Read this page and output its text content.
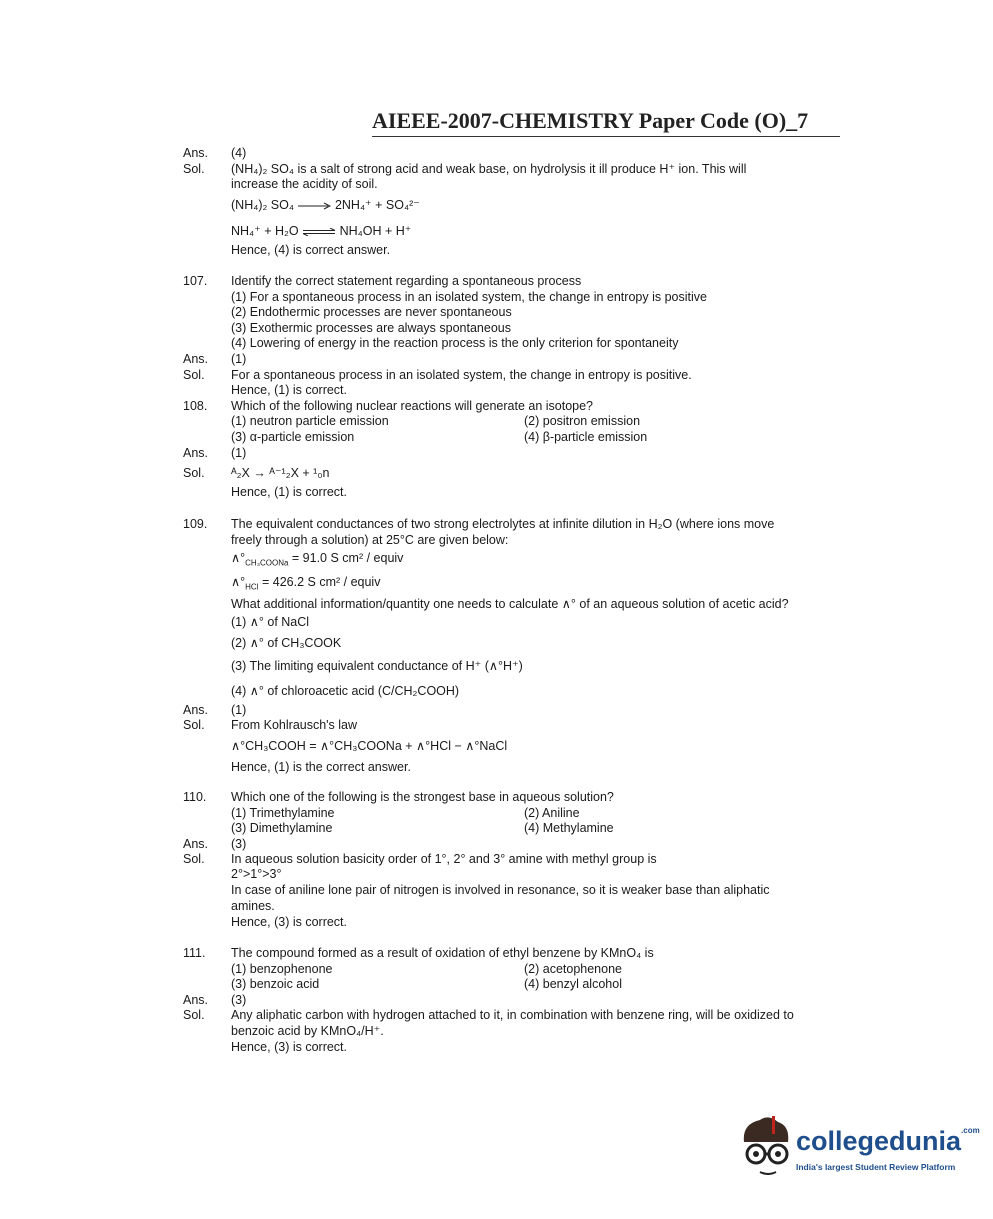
AIEEE-2007-CHEMISTRY Paper Code (O)_7
Ans. (4)
Sol. (NH₄)₂ SO₄ is a salt of strong acid and weak base, on hydrolysis it ill produce H⁺ ion. This will
increase the acidity of soil.
(NH₄)₂ SO₄ → 2NH₄⁺ + SO₄²⁻
NH₄⁺ + H₂O ⇌ NH₄OH + H⁺
Hence, (4) is correct answer.
107. Identify the correct statement regarding a spontaneous process
(1) For a spontaneous process in an isolated system, the change in entropy is positive
(2) Endothermic processes are never spontaneous
(3) Exothermic processes are always spontaneous
(4) Lowering of energy in the reaction process is the only criterion for spontaneity
Ans. (1)
Sol. For a spontaneous process in an isolated system, the change in entropy is positive.
Hence, (1) is correct.
108. Which of the following nuclear reactions will generate an isotope?
(1) neutron particle emission	(2) positron emission
(3) α-particle emission	(4) β-particle emission
Ans. (1)
Sol. ᴬ₂X → ᴬ⁻¹₂X + ¹₀n
Hence, (1) is correct.
109. The equivalent conductances of two strong electrolytes at infinite dilution in H₂O (where ions move
freely through a solution) at 25°C are given below:
$\wedge^\circ_{CH_3COONa} = 91.0$ S cm² / equiv
$\wedge^\circ_{HCl} = 426.2$ S cm² / equiv
What additional information/quantity one needs to calculate ∧° of an aqueous solution of acetic acid?
(1) ∧° of NaCl
(2) ∧° of CH₃COOK
(3) The limiting equivalent conductance of H⁺ (∧°H⁺)
(4) ∧° of chloroacetic acid (C/CH₂COOH)
Ans. (1)
Sol. From Kohlrausch's law
∧°CH₃COOH = ∧°CH₃COONa + ∧°HCl − ∧°NaCl
Hence, (1) is the correct answer.
110. Which one of the following is the strongest base in aqueous solution?
(1) Trimethylamine	(2) Aniline
(3) Dimethylamine	(4) Methylamine
Ans. (3)
Sol. In aqueous solution basicity order of 1°, 2° and 3° amine with methyl group is
2°>1°>3°
In case of aniline lone pair of nitrogen is involved in resonance, so it is weaker base than aliphatic
amines.
Hence, (3) is correct.
111. The compound formed as a result of oxidation of ethyl benzene by KMnO₄ is
(1) benzophenone	(2) acetophenone
(3) benzoic acid	(4) benzyl alcohol
Ans. (3)
Sol. Any aliphatic carbon with hydrogen attached to it, in combination with benzene ring, will be oxidized to
benzoic acid by KMnO₄/H⁺.
Hence, (3) is correct.
collegedunia$^{.com}$
India's largest Student Review Platform
